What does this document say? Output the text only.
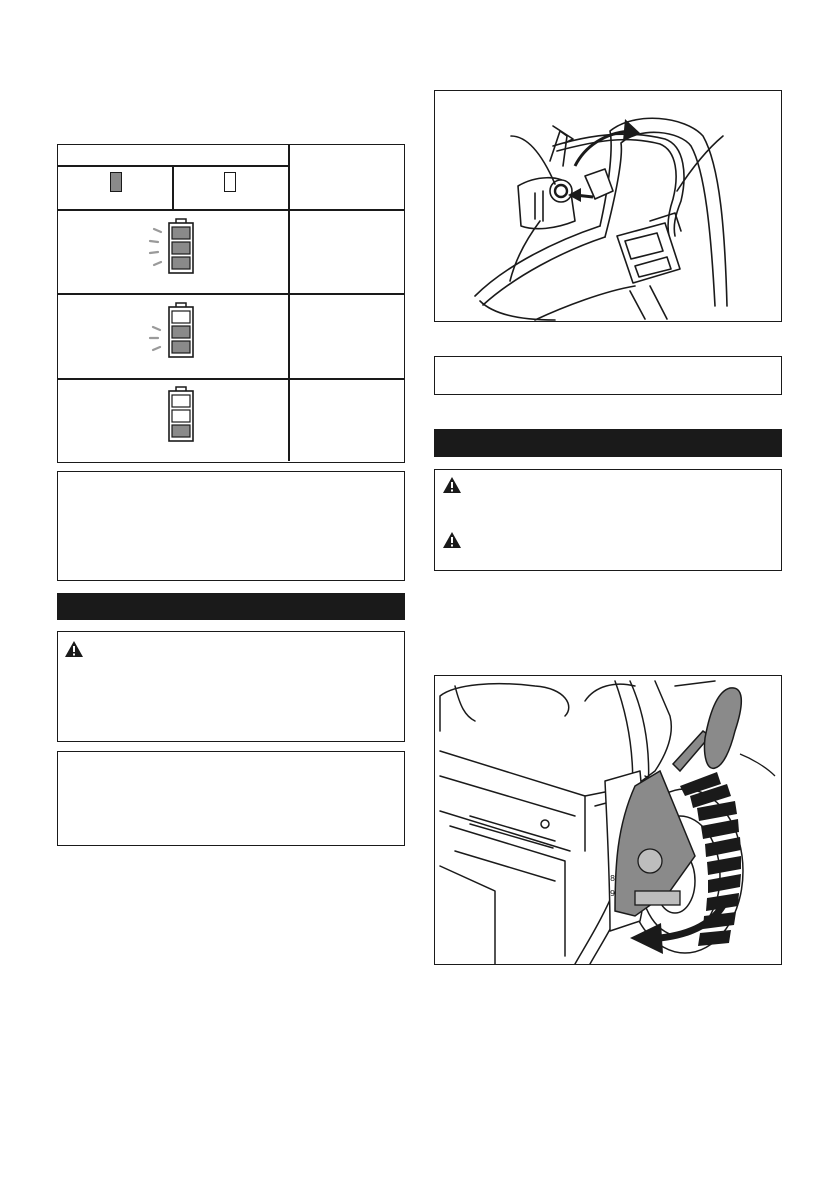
8
9
